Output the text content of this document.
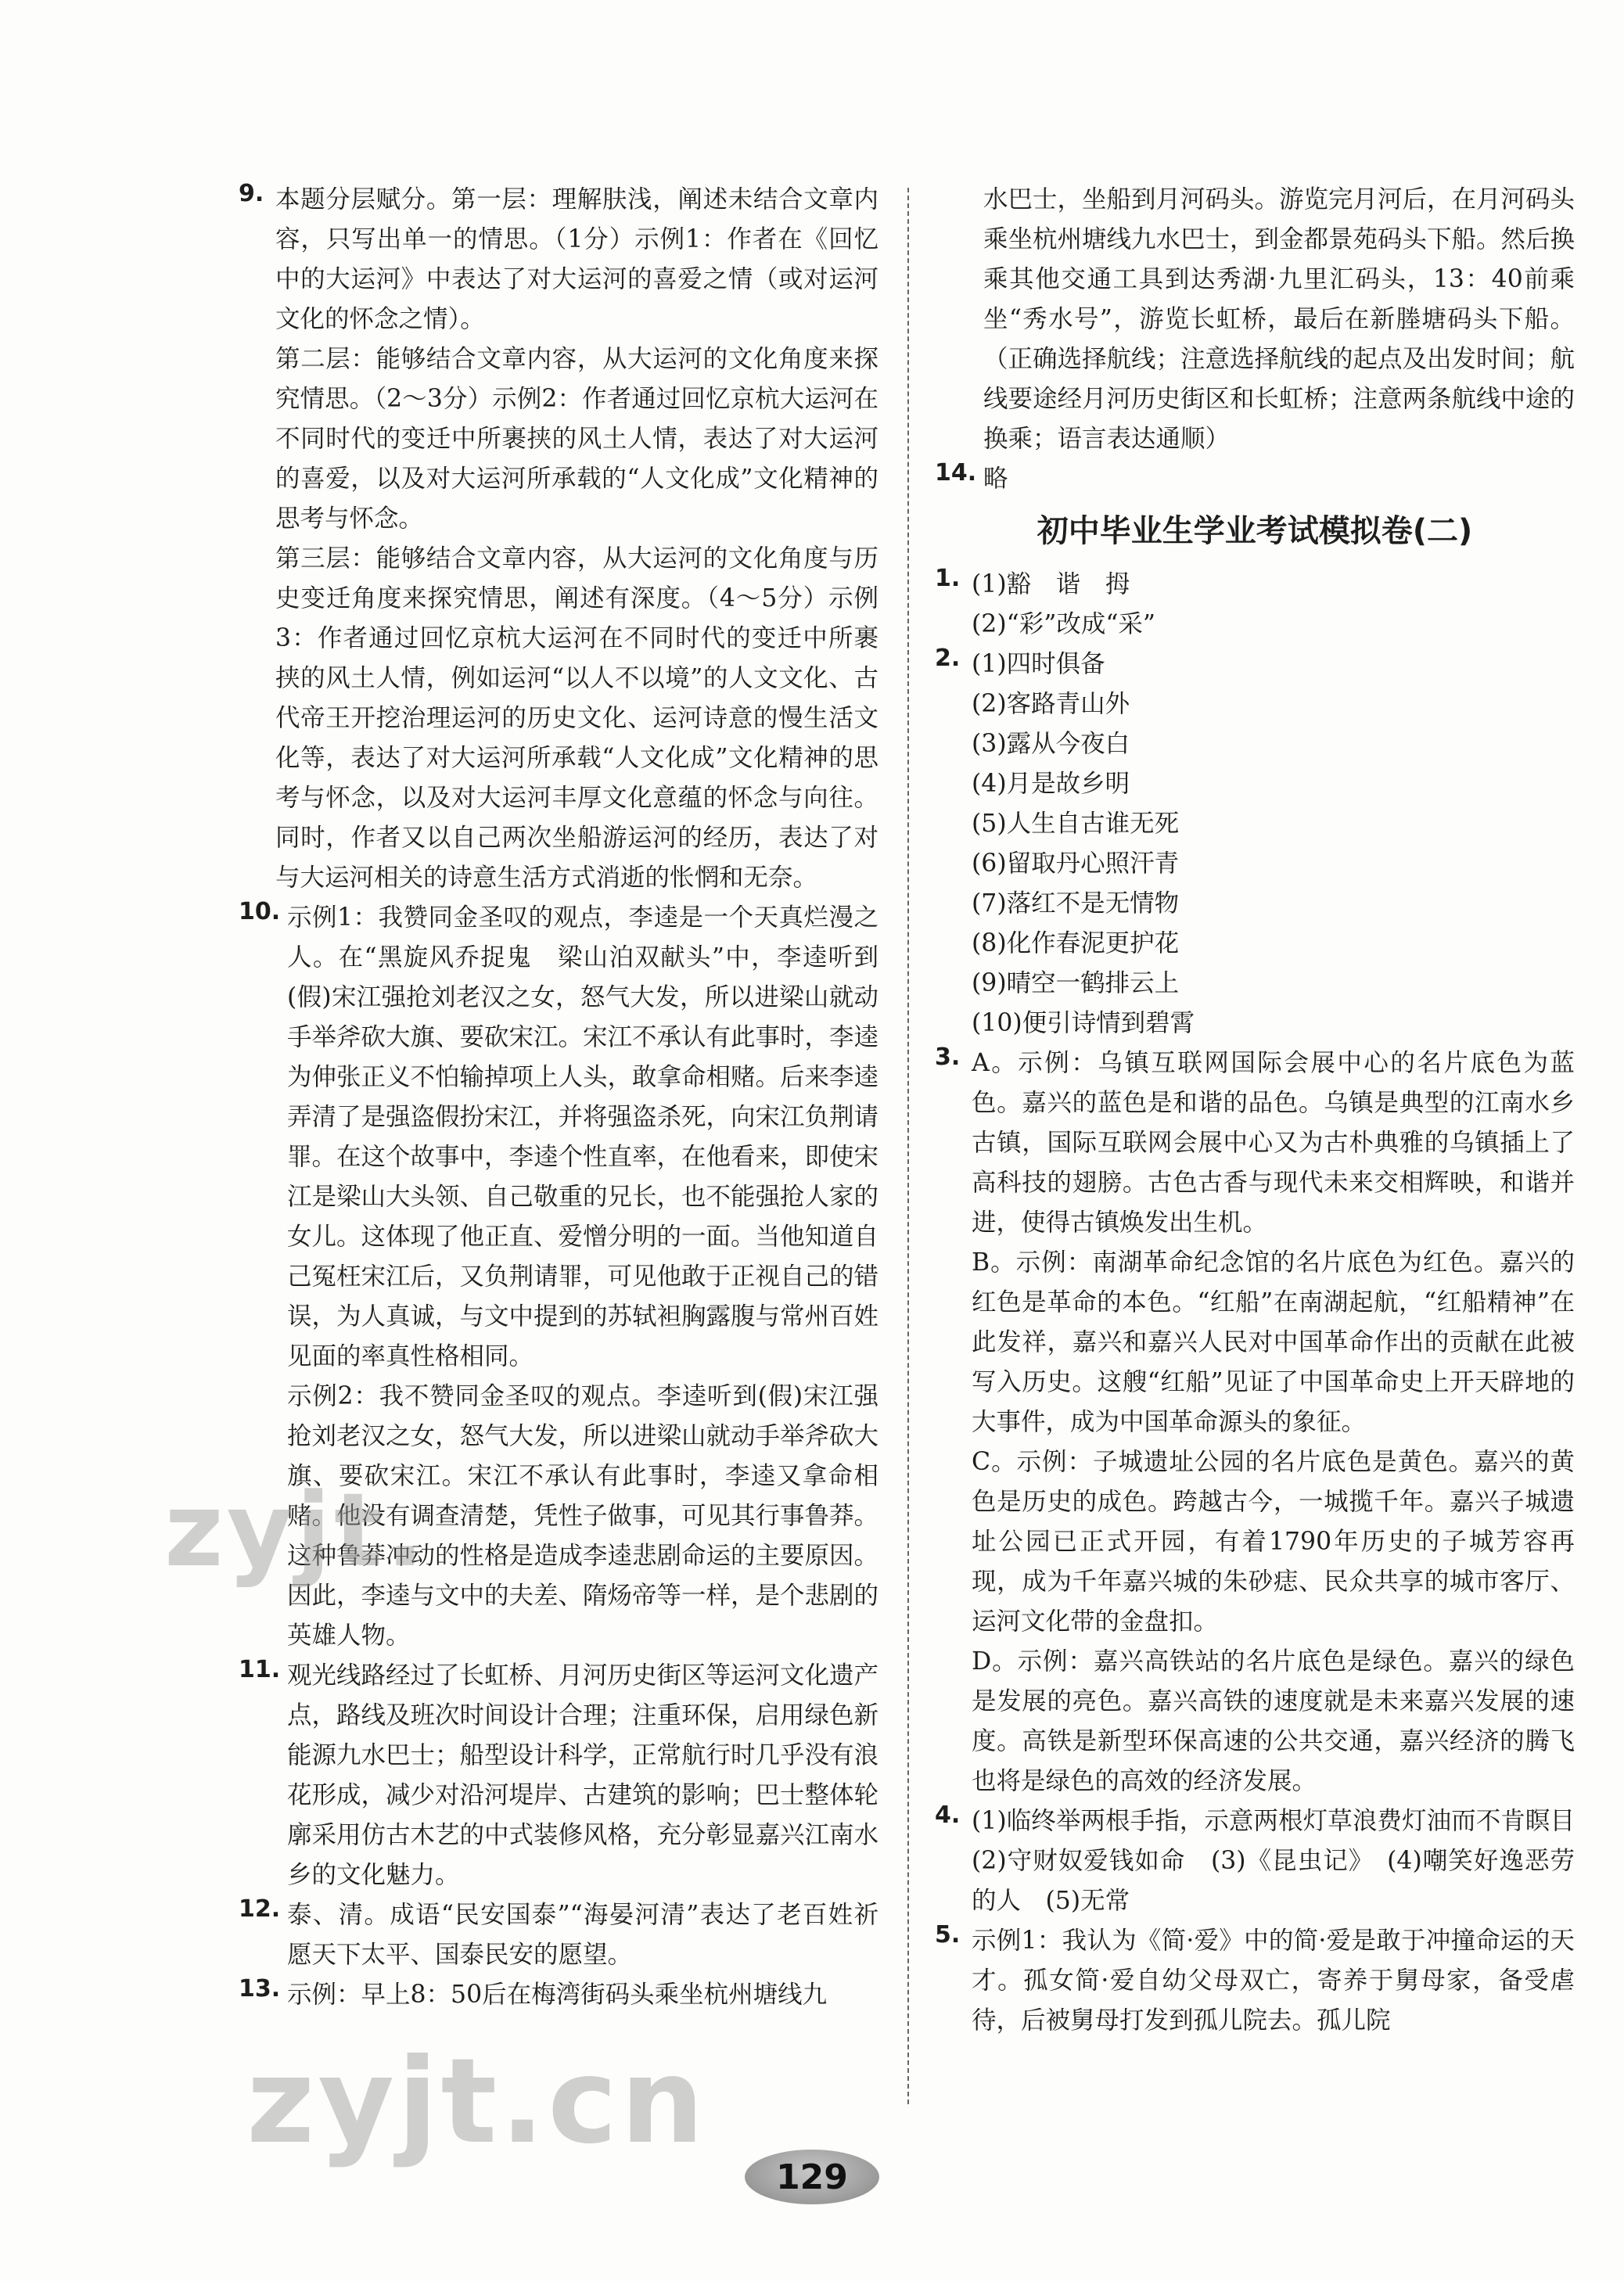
9. 本题分层赋分。第一层：理解肤浅，阐述未结合文章内容，只写出单一的情思。（1分）示例1：作者在《回忆中的大运河》中表达了对大运河的喜爱之情（或对运河文化的怀念之情）。

第二层：能够结合文章内容，从大运河的文化角度来探究情思。（2～3分）示例2：作者通过回忆京杭大运河在不同时代的变迁中所裹挟的风土人情，表达了对大运河的喜爱，以及对大运河所承载的“人文化成”文化精神的思考与怀念。

第三层：能够结合文章内容，从大运河的文化角度与历史变迁角度来探究情思，阐述有深度。（4～5分）示例3：作者通过回忆京杭大运河在不同时代的变迁中所裹挟的风土人情，例如运河“以人不以境”的人文文化、古代帝王开挖治理运河的历史文化、运河诗意的慢生活文化等，表达了对大运河所承载“人文化成”文化精神的思考与怀念，以及对大运河丰厚文化意蕴的怀念与向往。同时，作者又以自己两次坐船游运河的经历，表达了对与大运河相关的诗意生活方式消逝的怅惘和无奈。

10. 示例1：我赞同金圣叹的观点，李逵是一个天真烂漫之人。在“黑旋风乔捉鬼　梁山泊双献头”中，李逵听到(假)宋江强抢刘老汉之女，怒气大发，所以进梁山就动手举斧砍大旗、要砍宋江。宋江不承认有此事时，李逵为伸张正义不怕输掉项上人头，敢拿命相赌。后来李逵弄清了是强盗假扮宋江，并将强盗杀死，向宋江负荆请罪。在这个故事中，李逵个性直率，在他看来，即使宋江是梁山大头领、自己敬重的兄长，也不能强抢人家的女儿。这体现了他正直、爱憎分明的一面。当他知道自己冤枉宋江后，又负荆请罪，可见他敢于正视自己的错误，为人真诚，与文中提到的苏轼袒胸露腹与常州百姓见面的率真性格相同。

示例2：我不赞同金圣叹的观点。李逵听到(假)宋江强抢刘老汉之女，怒气大发，所以进梁山就动手举斧砍大旗、要砍宋江。宋江不承认有此事时，李逵又拿命相赌。他没有调查清楚，凭性子做事，可见其行事鲁莽。这种鲁莽冲动的性格是造成李逵悲剧命运的主要原因。因此，李逵与文中的夫差、隋炀帝等一样，是个悲剧的英雄人物。

11. 观光线路经过了长虹桥、月河历史街区等运河文化遗产点，路线及班次时间设计合理；注重环保，启用绿色新能源九水巴士；船型设计科学，正常航行时几乎没有浪花形成，减少对沿河堤岸、古建筑的影响；巴士整体轮廓采用仿古木艺的中式装修风格，充分彰显嘉兴江南水乡的文化魅力。

12. 泰、清。成语“民安国泰”“海晏河清”表达了老百姓祈愿天下太平、国泰民安的愿望。

13. 示例：早上8：50后在梅湾街码头乘坐杭州塘线九

水巴士，坐船到月河码头。游览完月河后，在月河码头乘坐杭州塘线九水巴士，到金都景苑码头下船。然后换乘其他交通工具到达秀湖·九里汇码头，13：40前乘坐“秀水号”，游览长虹桥，最后在新塍塘码头下船。（正确选择航线；注意选择航线的起点及出发时间；航线要途经月河历史街区和长虹桥；注意两条航线中途的换乘；语言表达通顺）

14. 略

初中毕业生学业考试模拟卷(二)
1. (1)豁　谐　拇

(2)“彩”改成“采”

2. (1)四时俱备

(2)客路青山外

(3)露从今夜白

(4)月是故乡明

(5)人生自古谁无死

(6)留取丹心照汗青

(7)落红不是无情物

(8)化作春泥更护花

(9)晴空一鹤排云上

(10)便引诗情到碧霄

3. A。示例：乌镇互联网国际会展中心的名片底色为蓝色。嘉兴的蓝色是和谐的品色。乌镇是典型的江南水乡古镇，国际互联网会展中心又为古朴典雅的乌镇插上了高科技的翅膀。古色古香与现代未来交相辉映，和谐并进，使得古镇焕发出生机。

B。示例：南湖革命纪念馆的名片底色为红色。嘉兴的红色是革命的本色。“红船”在南湖起航，“红船精神”在此发祥，嘉兴和嘉兴人民对中国革命作出的贡献在此被写入历史。这艘“红船”见证了中国革命史上开天辟地的大事件，成为中国革命源头的象征。

C。示例：子城遗址公园的名片底色是黄色。嘉兴的黄色是历史的成色。跨越古今，一城揽千年。嘉兴子城遗址公园已正式开园，有着1790年历史的子城芳容再现，成为千年嘉兴城的朱砂痣、民众共享的城市客厅、运河文化带的金盘扣。

D。示例：嘉兴高铁站的名片底色是绿色。嘉兴的绿色是发展的亮色。嘉兴高铁的速度就是未来嘉兴发展的速度。高铁是新型环保高速的公共交通，嘉兴经济的腾飞也将是绿色的高效的经济发展。

4. (1)临终举两根手指，示意两根灯草浪费灯油而不肯瞑目　(2)守财奴爱钱如命　(3)《昆虫记》　(4)嘲笑好逸恶劳的人　(5)无常

5. 示例1：我认为《简·爱》中的简·爱是敢于冲撞命运的天才。孤女简·爱自幼父母双亡，寄养于舅母家，备受虐待，后被舅母打发到孤儿院去。孤儿院

zyjt.
zyjt.cn
129
